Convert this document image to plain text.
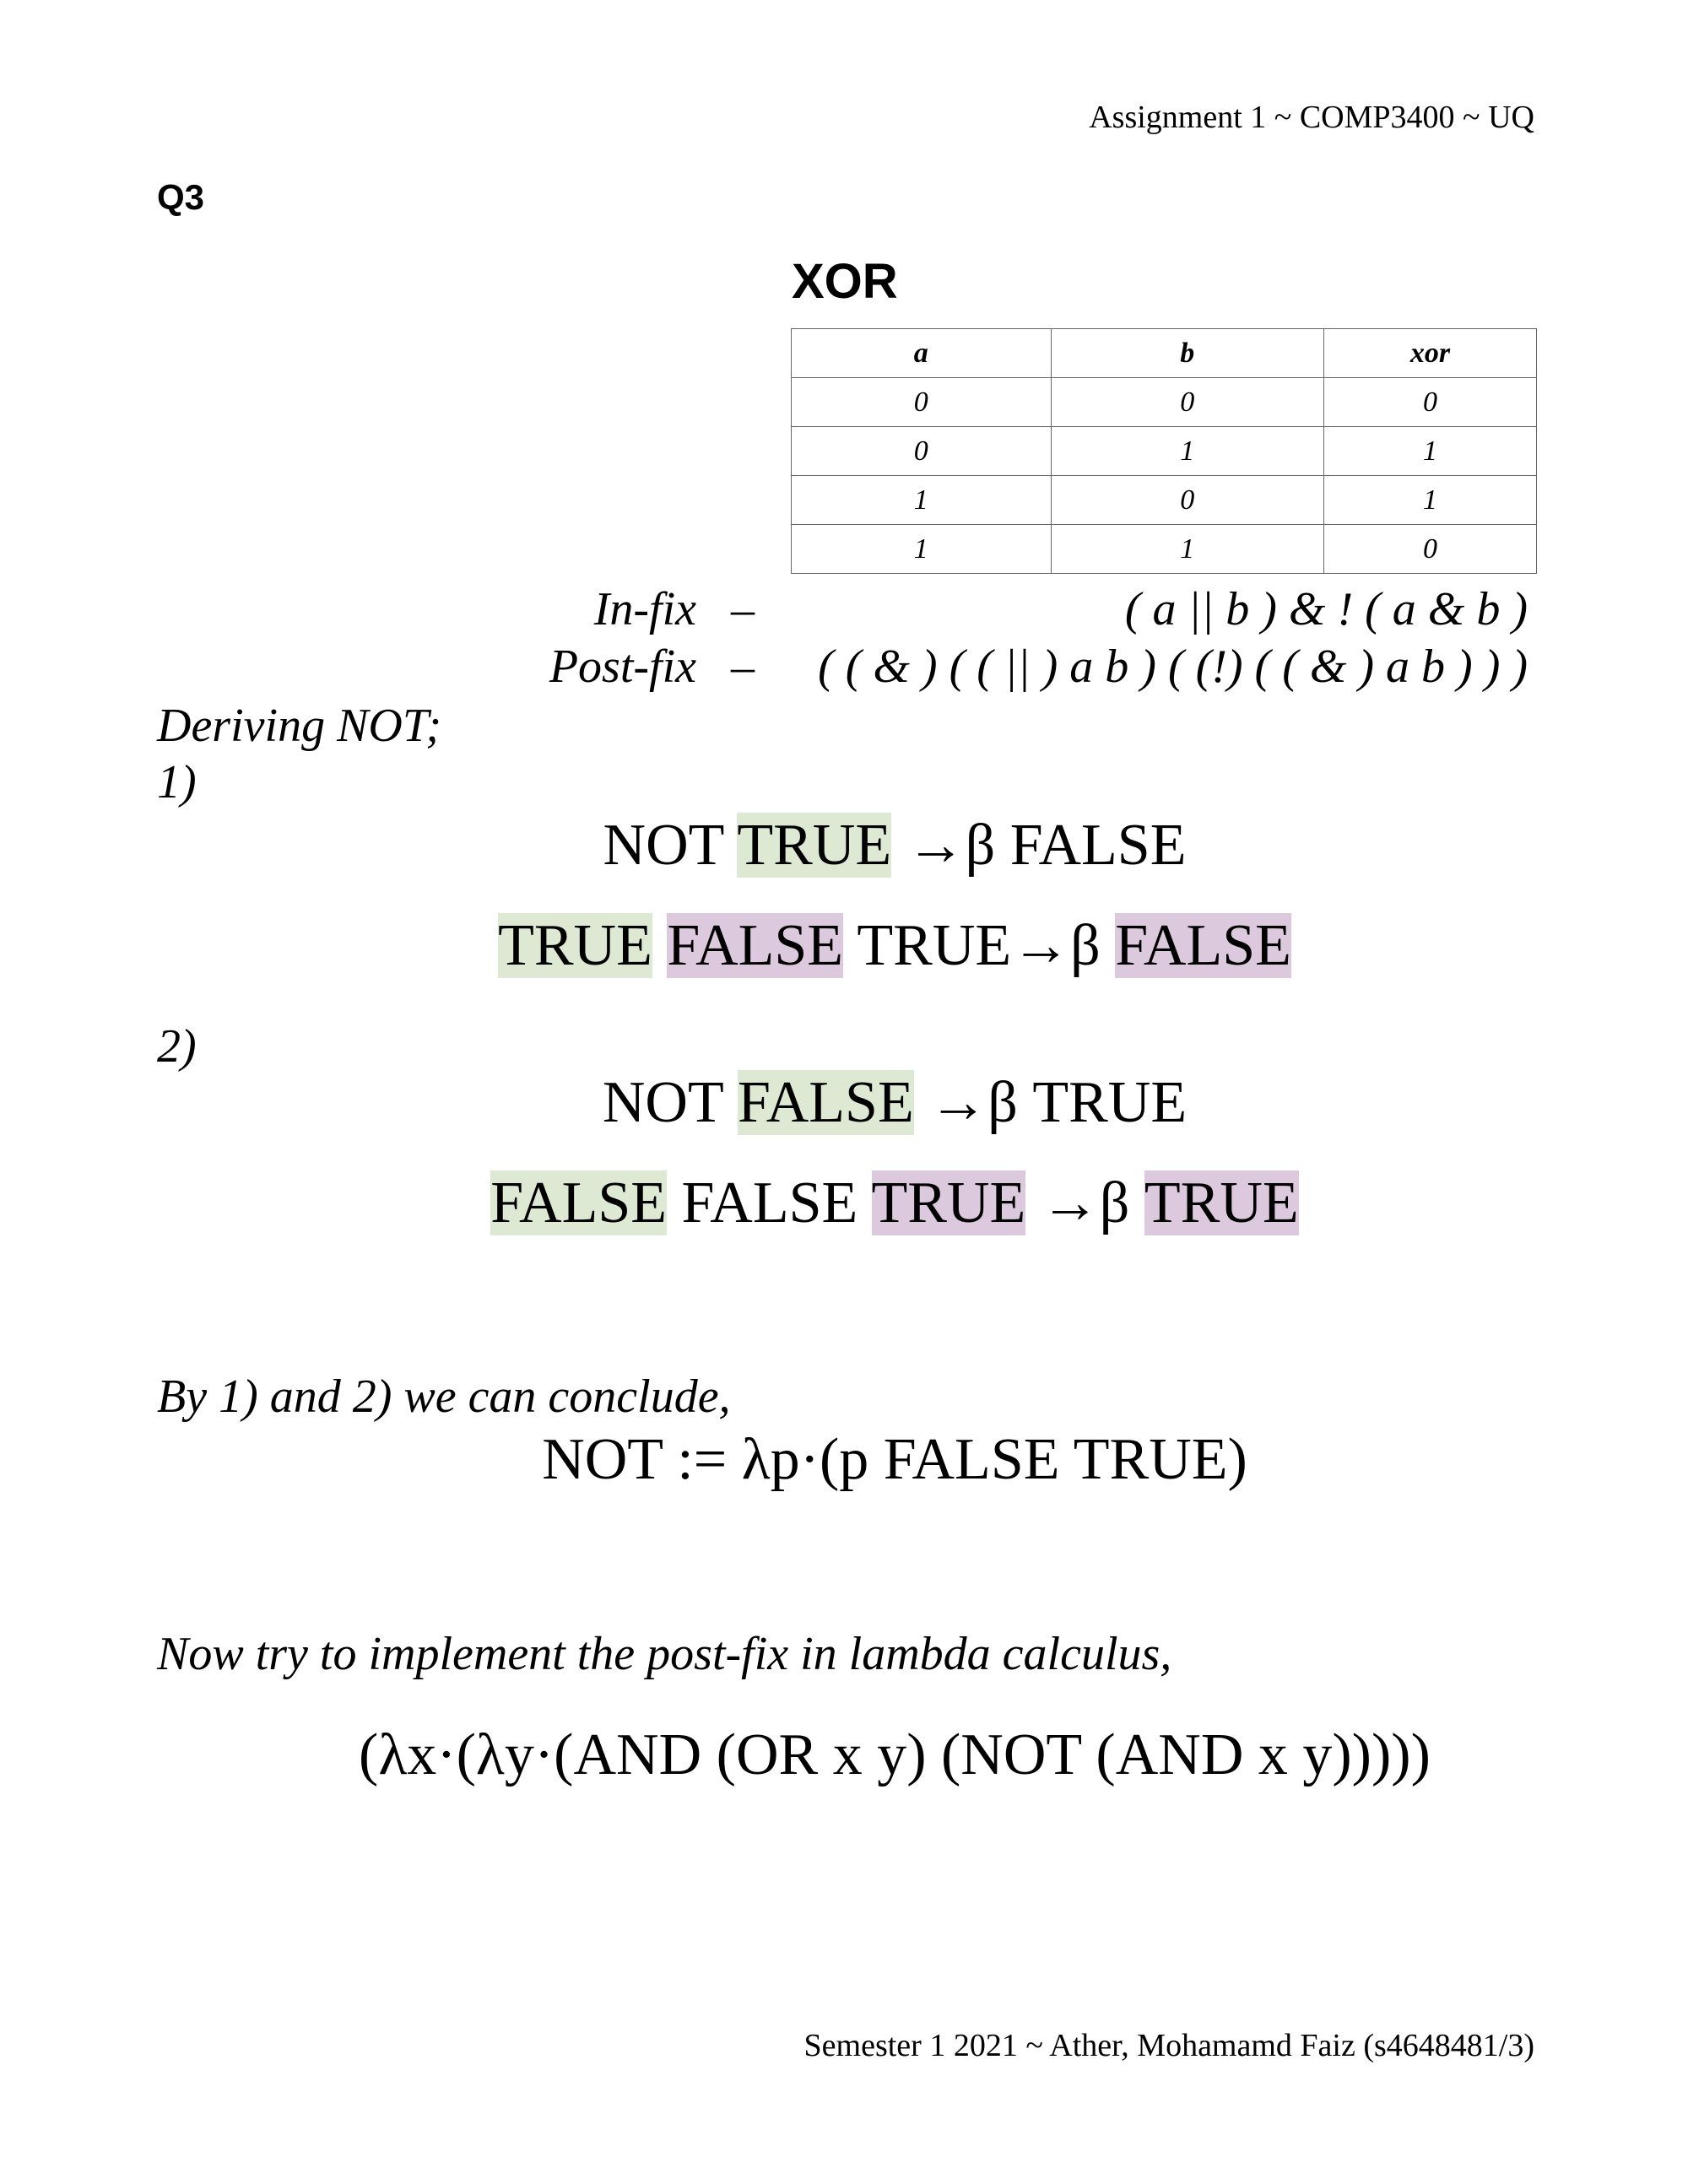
Assignment 1 ~ COMP3400 ~ UQ
Q3
XOR
a	b	xor
0	0	0
0	1	1
1	0	1
1	1	0
In-fix –	( a || b ) & ! ( a & b )
Post-fix – ( ( & ) ( ( || ) a b ) ( (!) ( ( & ) a b ) ) )
Deriving NOT;
1)
NOT TRUE →β FALSE
TRUE FALSE TRUE→β FALSE
2)
NOT FALSE →β TRUE
FALSE FALSE TRUE →β TRUE
By 1) and 2) we can conclude,
NOT := λp·(p FALSE TRUE)
Now try to implement the post-fix in lambda calculus,
(λx·(λy·(AND (OR x y) (NOT (AND x y)))))
Semester 1 2021 ~ Ather, Mohamamd Faiz (s4648481/3)
